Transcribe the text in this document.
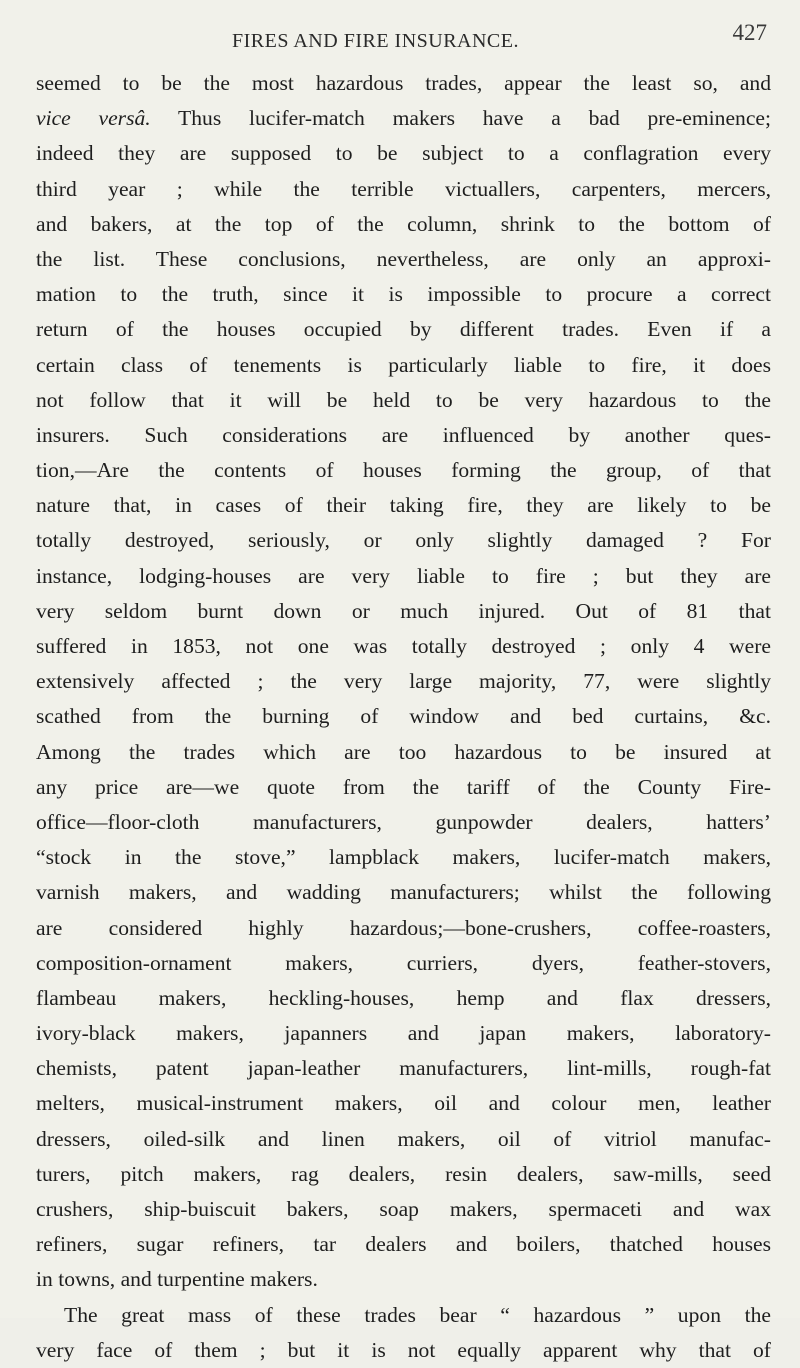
FIRES AND FIRE INSURANCE.	427
seemed to be the most hazardous trades, appear the least so, and
vice versâ. Thus lucifer-match makers have a bad pre-eminence;
indeed they are supposed to be subject to a conflagration every
third year ; while the terrible victuallers, carpenters, mercers,
and bakers, at the top of the column, shrink to the bottom of
the list. These conclusions, nevertheless, are only an approxi-
mation to the truth, since it is impossible to procure a correct
return of the houses occupied by different trades. Even if a
certain class of tenements is particularly liable to fire, it does
not follow that it will be held to be very hazardous to the
insurers. Such considerations are influenced by another ques-
tion,—Are the contents of houses forming the group, of that
nature that, in cases of their taking fire, they are likely to be
totally destroyed, seriously, or only slightly damaged ? For
instance, lodging-houses are very liable to fire ; but they are
very seldom burnt down or much injured. Out of 81 that
suffered in 1853, not one was totally destroyed ; only 4 were
extensively affected ; the very large majority, 77, were slightly
scathed from the burning of window and bed curtains, &c.
Among the trades which are too hazardous to be insured at
any price are—we quote from the tariff of the County Fire-
office—floor-cloth manufacturers, gunpowder dealers, hatters’
“stock in the stove,” lampblack makers, lucifer-match makers,
varnish makers, and wadding manufacturers; whilst the following
are considered highly hazardous;—bone-crushers, coffee-roasters,
composition-ornament makers, curriers, dyers, feather-stovers,
flambeau makers, heckling-houses, hemp and flax dressers,
ivory-black makers, japanners and japan makers, laboratory-
chemists, patent japan-leather manufacturers, lint-mills, rough-fat
melters, musical-instrument makers, oil and colour men, leather
dressers, oiled-silk and linen makers, oil of vitriol manufac-
turers, pitch makers, rag dealers, resin dealers, saw-mills, seed
crushers, ship-buiscuit bakers, soap makers, spermaceti and wax
refiners, sugar refiners, tar dealers and boilers, thatched houses
in towns, and turpentine makers.
The great mass of these trades bear “ hazardous ” upon the
very face of them ; but it is not equally apparent why that of
